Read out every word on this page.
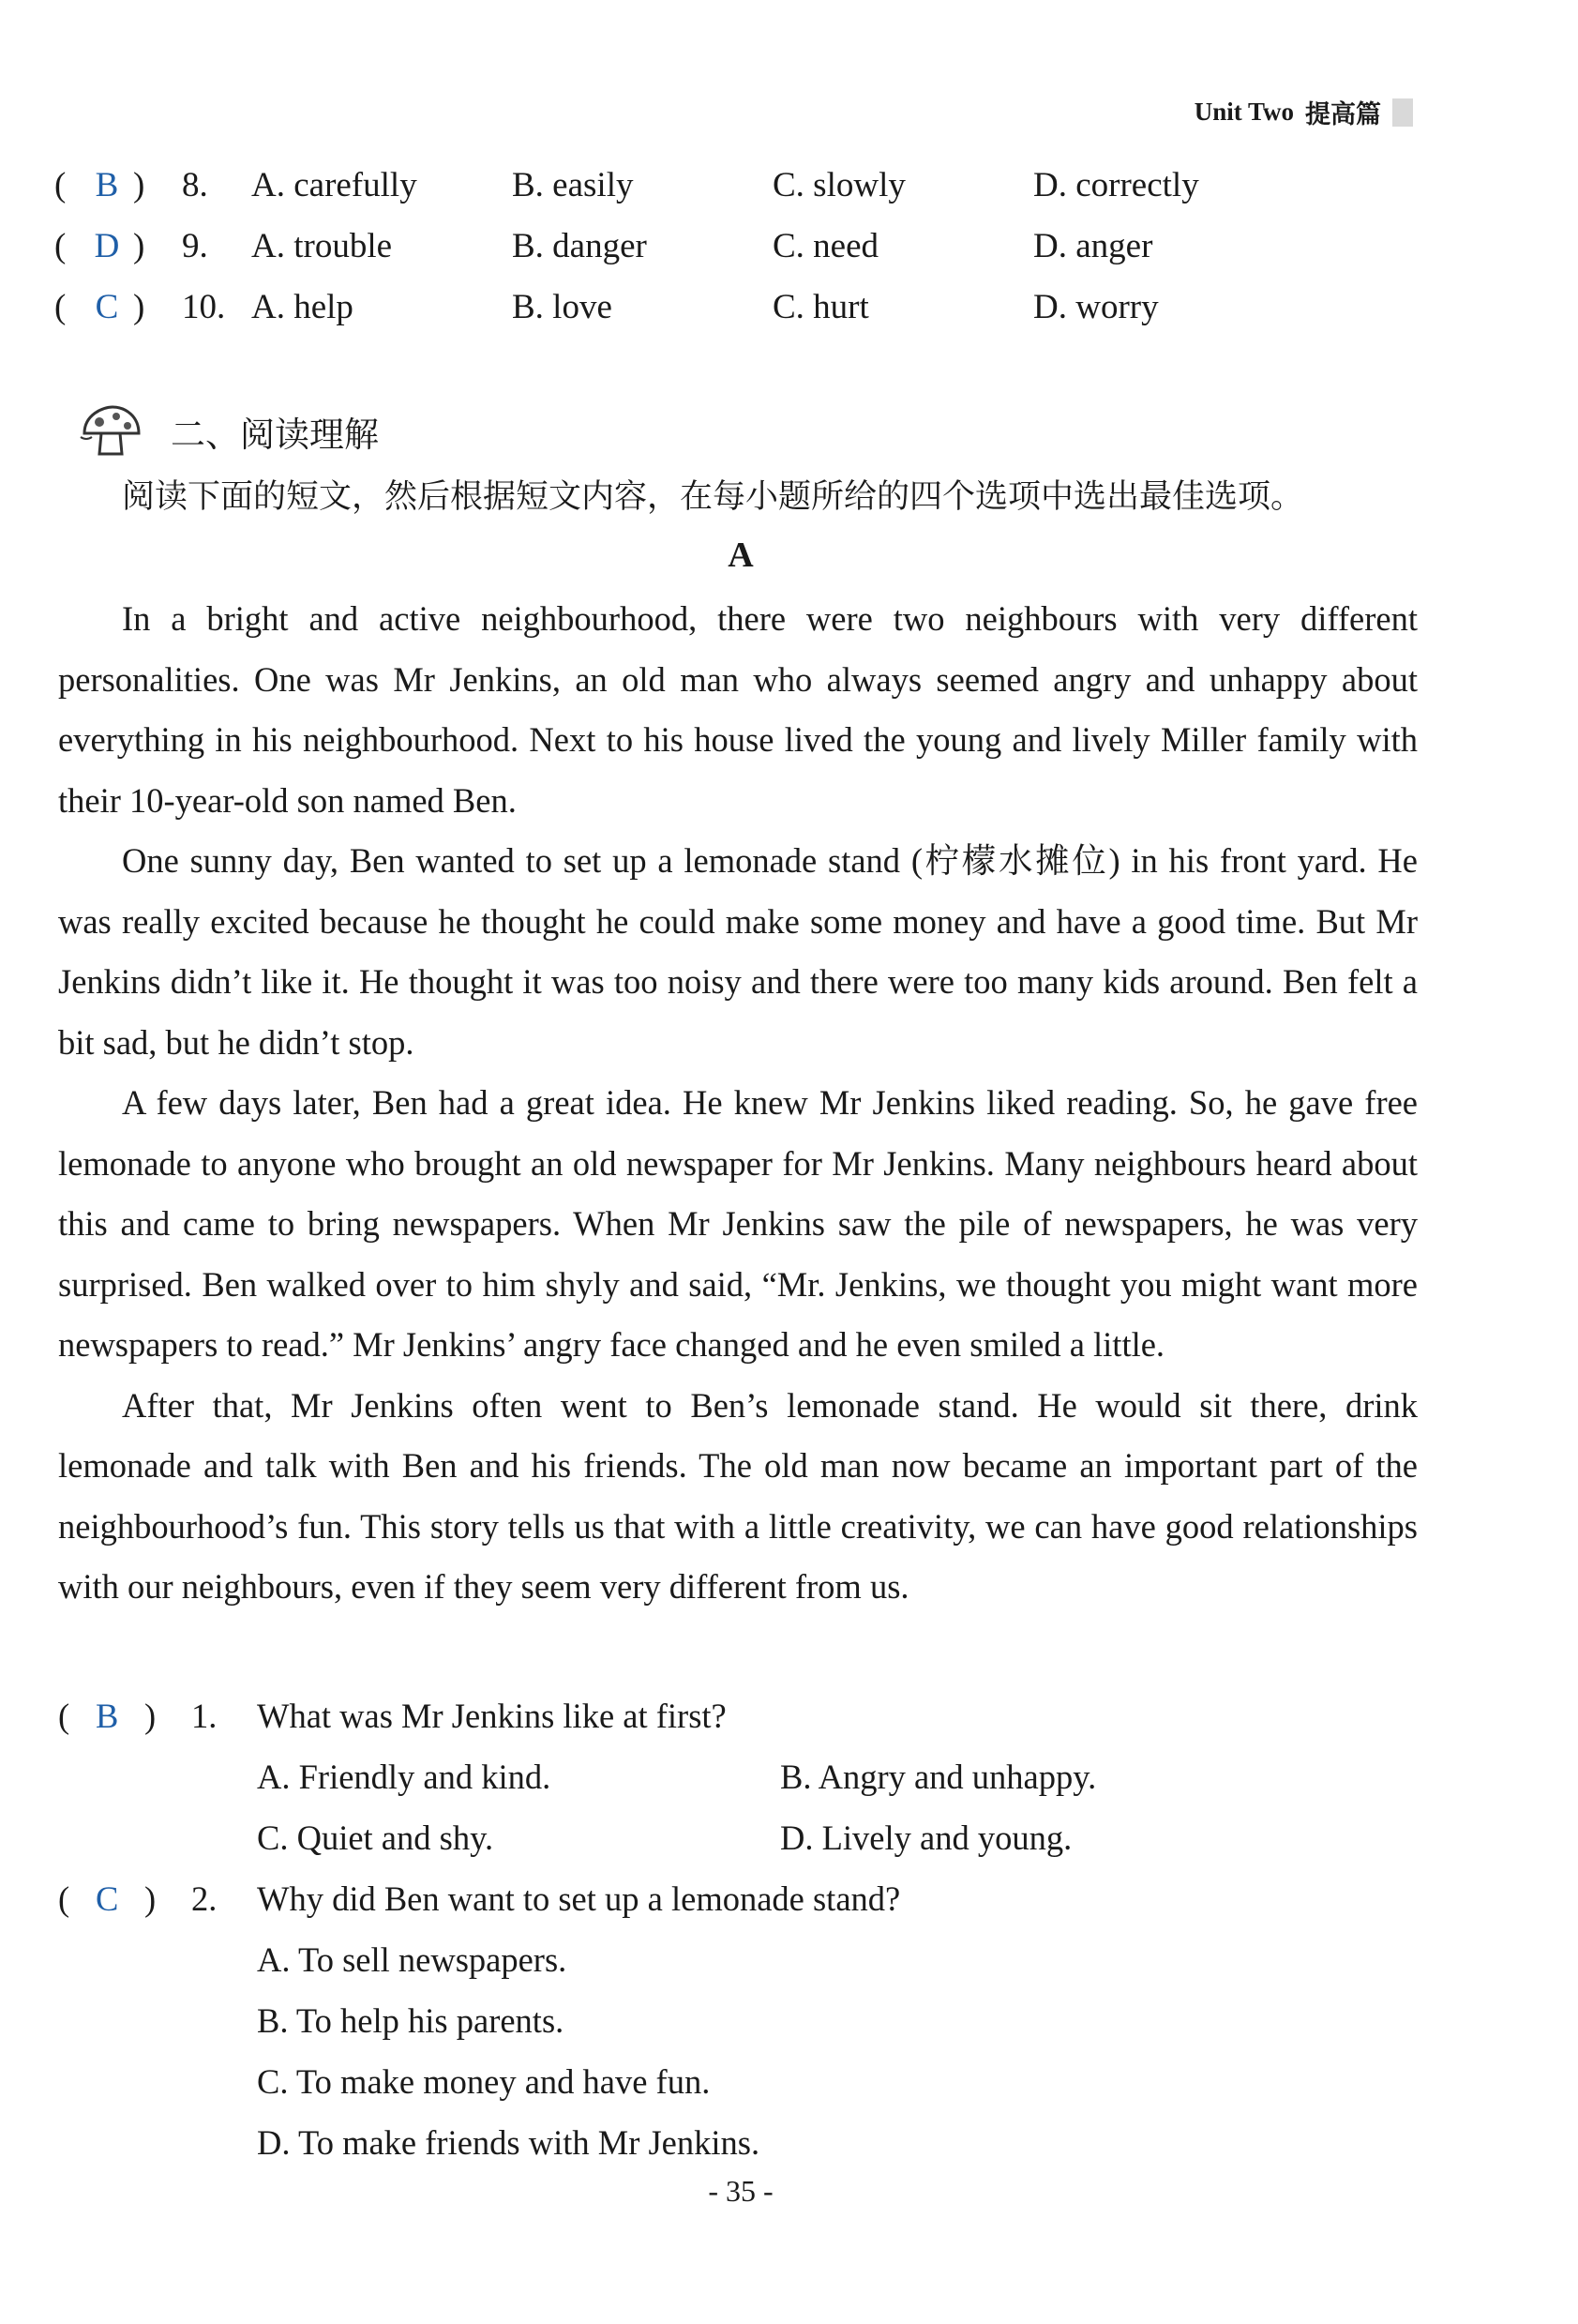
Unit Two 提高篇
( B ) 8. A. carefully	B. easily	C. slowly	D. correctly
( D ) 9. A. trouble	B. danger	C. need	D. anger
( C ) 10. A. help	B. love	C. hurt	D. worry
二、阅读理解
阅读下面的短文，然后根据短文内容，在每小题所给的四个选项中选出最佳选项。
A

In a bright and active neighbourhood, there were two neighbours with very different personalities. One was Mr Jenkins, an old man who always seemed angry and unhappy about everything in his neighbourhood. Next to his house lived the young and lively Miller family with their 10-year-old son named Ben.

One sunny day, Ben wanted to set up a lemonade stand (柠檬水摊位) in his front yard. He was really excited because he thought he could make some money and have a good time. But Mr Jenkins didn’t like it. He thought it was too noisy and there were too many kids around. Ben felt a bit sad, but he didn’t stop.

A few days later, Ben had a great idea. He knew Mr Jenkins liked reading. So, he gave free lemonade to anyone who brought an old newspaper for Mr Jenkins. Many neighbours heard about this and came to bring newspapers. When Mr Jenkins saw the pile of newspapers, he was very surprised. Ben walked over to him shyly and said, “Mr. Jenkins, we thought you might want more newspapers to read.” Mr Jenkins’ angry face changed and he even smiled a little.

After that, Mr Jenkins often went to Ben’s lemonade stand. He would sit there, drink lemonade and talk with Ben and his friends. The old man now became an important part of the neighbourhood’s fun. This story tells us that with a little creativity, we can have good relationships with our neighbours, even if they seem very different from us.

( B ) 1. What was Mr Jenkins like at first?
A. Friendly and kind.	B. Angry and unhappy.
C. Quiet and shy.	D. Lively and young.
( C ) 2. Why did Ben want to set up a lemonade stand?
A. To sell newspapers.
B. To help his parents.
C. To make money and have fun.
D. To make friends with Mr Jenkins.
- 35 -
